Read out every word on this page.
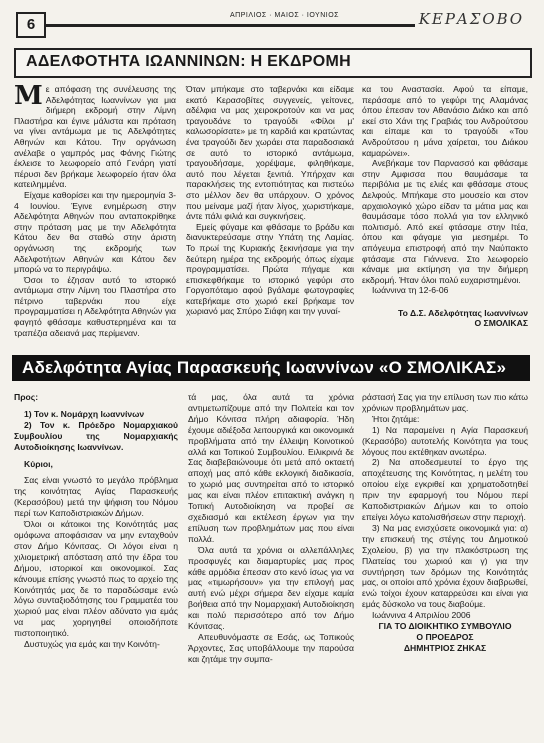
6
ΑΠΡΙΛΙΟΣ · ΜΑΙΟΣ · ΙΟΥΝΙΟΣ	ΚΕΡΑΣΟΒΟ
ΑΔΕΛΦΟΤΗΤΑ ΙΩΑΝΝΙΝΩΝ: Η ΕΚΔΡΟΜΗ

Με απόφαση της συνέλευσης της Αδελφότητας Ιωαννίνων για μια διήμερη εκδρομή στην Λίμνη Πλαστήρα και έγινε μάλιστα και πρόταση να γίνει αντάμωμα με τις Αδελφότητες Αθηνών και Κάτου. Την οργάνωση ανέλαβε ο γαμπρός μας Φάνης Γιώτης έκλεισε το λεωφορείο από Γενάρη γιατί πέρυσι δεν βρήκαμε λεωφορείο ήταν όλα κατειλημμένα.

Είχαμε καθορίσει και την ημερομηνία 3-4 Ιουνίου. Έγινε ενημέρωση στην Αδελφότητα Αθηνών που ανταποκρίθηκε στην πρόταση μας με την Αδελφότητα Κάτου δεν θα σταθώ στην άριστη οργάνωση της εκδρομής των Αδελφοτήτων Αθηνών και Κάτου δεν μπορώ να το περιγράψω.

Όσοι το έζησαν αυτό το ιστορικό αντάμωμα στην Λίμνη του Πλαστήρα στο πέτρινο ταβερνάκι που είχε προγραμματίσει η Αδελφότητα Αθηνών για φαγητό φθάσαμε καθυστερημένα και τα τραπέζια αδειανά μας περίμεναν.

Όταν μπήκαμε στο ταβερνάκι και είδαμε εκατό Κερασοβίτες συγγενείς, γείτονες, αδέλφια να μας χειροκροτούν και να μας τραγουδάνε το τραγούδι «Φίλοι μ' καλωσορίσατε» με τη καρδιά και κρατώντας ένα τραγούδι δεν χωράει στα παραδοσιακά σε αυτό το ιστορικό αντάμωμα, τραγουδήσαμε, χορέψαμε, φιληθήκαμε, αυτό που λέγεται ξενιτιά. Υπήρχαν και παρακλήσεις της εντοπιότητας και πιστεύω στο μέλλον δεν θα υπάρχουν. Ο χρόνος που μείναμε μαζί ήταν λίγος, χωριστήκαμε, άντε πάλι φιλιά και συγκινήσεις.

Εμείς φύγαμε και φθάσαμε το βράδυ και διανυκτερεύσαμε στην Υπάτη της Λαμίας. Το πρωί της Κυριακής ξεκινήσαμε για την δεύτερη ημέρα της εκδρομής όπως είχαμε προγραμματίσει. Πρώτα πήγαμε και επισκεφθήκαμε το ιστορικό γεφύρι στο Γοργοπόταμο αφού βγάλαμε φωτογραφίες κατεβήκαμε στο χωριό εκεί βρήκαμε τον χωριανό μας Σπύρο Σιάφη και την γυναί-

κα του Αναστασία. Αφού τα είπαμε, περάσαμε από το γεφύρι της Αλαμάνας όπου έπεσαν τον Αθανάσιο Διάκο και από εκεί στο Χάνι της Γραβιάς του Ανδρούτσου και είπαμε και το τραγούδι «Του Ανδρούτσου η μάνα χαίρεται, του Διάκου καμαρώνει».

Ανεβήκαμε τον Παρνασσό και φθάσαμε στην Αμφισσα που θαυμάσαμε τα περιβόλια με τις ελιές και φθάσαμε στους Δελφούς. Μπήκαμε στο μουσείο και στον αρχαιολογικό χώρο είδαν τα μάτια μας και θαυμάσαμε τόσο πολλά για τον ελληνικό πολιτισμό. Από εκεί φτάσαμε στην Ιτέα, όπου και φάγαμε για μεσημέρι. Το απόγευμα επιστροφή από την Ναύπακτο φτάσαμε στα Γιάννενα. Στο λεωφορείο κάναμε μια εκτίμηση για την διήμερη εκδρομή. Ήταν όλοι πολύ ευχαριστημένοι.

Ιωάννινα τη 12-6-06

Το Δ.Σ. Αδελφότητας Ιωαννίνων

Ο ΣΜΟΛΙΚΑΣ

Αδελφότητα Αγίας Παρασκευής Ιωαννίνων «Ο ΣΜΟΛΙΚΑΣ»

Προς:

1) Τον κ. Νομάρχη Ιωαννίνων

2) Τον κ. Πρόεδρο Νομαρχιακού Συμβουλίου της Νομαρχιακής Αυτοδιοίκησης Ιωαννίνων.

Κύριοι,

Σας είναι γνωστό το μεγάλο πρόβλημα της κοινότητας Αγίας Παρασκευής (Κερασόβου) μετά την ψήφιση του Νόμου περί των Καποδιστριακών Δήμων.

Όλοι οι κάτοικοι της Κοινότητάς μας ομόφωνα αποφάσισαν να μην ενταχθούν στον Δήμο Κόνιτσας. Οι λόγοι είναι η χιλιομετρική απόσταση από την έδρα του Δήμου, ιστορικοί και οικονομικοί. Σας κάνουμε επίσης γνωστό πως το αρχείο της Κοινότητάς μας δε το παραδώσαμε ενώ λόγω συνταξιοδότησης του Γραμματέα του χωριού μας είναι πλέον αδύνατο για εμάς να μας χορηγηθεί οποιοδήποτε πιστοποιητικό.

Δυστυχώς για εμάς και την Κοινότη-

τά μας, όλα αυτά τα χρόνια αντιμετωπίζουμε από την Πολιτεία και τον Δήμο Κόνιτσα πλήρη αδιαφορία. Ήδη έχουμε αδιέξοδα λειτουργικά και οικονομικά προβλήματα από την έλλειψη Κοινοτικού αλλά και Τοπικού Συμβουλίου. Ειλικρινά δε Σας διαβεβαιώνουμε ότι μετά από οκταετή αποχή μας από κάθε εκλογική διαδικασία, το χωριό μας συντηρείται από το ιστορικό μας και είναι πλέον επιτακτική ανάγκη η Τοπική Αυτοδιοίκηση να προβεί σε σχεδιασμό και εκτέλεση έργων για την επίλυση των προβλημάτων μας που είναι πολλά.

Όλα αυτά τα χρόνια οι αλλεπάλληλες προσφυγές και διαμαρτυρίες μας προς κάθε αρμόδια έπεσαν στο κενό ίσως για να μας «τιμωρήσουν» για την επιλογή μας αυτή ενώ μέχρι σήμερα δεν είχαμε καμία βοήθεια από την Νομαρχιακή Αυτοδιοίκηση και πολύ περισσότερο από τον Δήμο Κόνιτσας.

Απευθυνόμαστε σε Εσάς, ως Τοπικούς Άρχοντες, Σας υποβάλλουμε την παρούσα και ζητάμε την συμπα-

ράστασή Σας για την επίλυση των πιο κάτω χρόνιων προβλημάτων μας.

Ήτοι ζητάμε:

1) Να παραμείνει η Αγία Παρασκευή (Κερασόβο) αυτοτελής Κοινότητα για τους λόγους που εκτέθηκαν ανωτέρω.

2) Να αποδεσμευτεί το έργο της αποχέτευσης της Κοινότητας, η μελέτη του οποίου είχε εγκριθεί και χρηματοδοτηθεί πριν την εφαρμογή του Νόμου περί Καποδιστριακών Δήμων και το οποίο επείγει λόγω κατολισθήσεων στην περιοχή.

3) Να μας ενισχύσετε οικονομικά για: α) την επισκευή της στέγης του Δημοτικού Σχολείου, β) για την πλακόστρωση της Πλατείας του χωριού και γ) για την συντήρηση των δρόμων της Κοινότητάς μας, οι οποίοι από χρόνια έχουν διαβρωθεί, ενώ τοίχοι έχουν καταρρεύσει και είναι για εμάς δύσκολο να τους διαβούμε.

Ιωάννινα 4 Απριλίου 2006

ΓΙΑ ΤΟ ΔΙΟΙΚΗΤΙΚΟ ΣΥΜΒΟΥΛΙΟ

Ο ΠΡΟΕΔΡΟΣ

ΔΗΜΗΤΡΙΟΣ ΖΗΚΑΣ
